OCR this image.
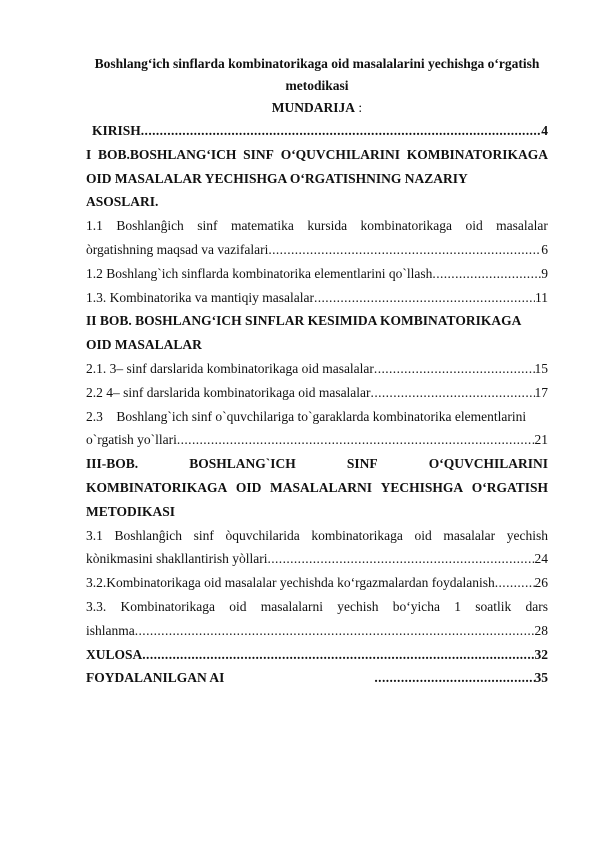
Boshlang‘ich sinflarda kombinatorikaga oid masalalarini yechishga o‘rgatish
metodikasi
MUNDARIJA :
KIRISH .....	4
I BOB.BOSHLANG‘ICH SINF O‘QUVCHILARINI KOMBINATORIKAGA
OID MASALALAR YECHISHGA O‘RGATISHNING NAZARIY
ASOSLARI.
1.1 Boshlanĝich sinf matematika kursida kombinatorikaga oid masalalar
òrgatishning maqsad va vazifalari .....	6
1.2 Boshlang`ich sinflarda kombinatorika elementlarini qo`llash .....	9
1.3. Kombinatorika va mantiqiy masalalar .....	11
II BOB. BOSHLANG‘ICH SINFLAR KESIMIDA KOMBINATORIKAGA
OID MASALALAR
2.1. 3– sinf darslarida kombinatorikaga oid masalalar .....	15
2.2 4– sinf darslarida kombinatorikaga oid masalalar .....	17
2.3    Boshlang`ich sinf o`quvchilariga to`garaklarda kombinatorika elementlarini
o`rgatish yo`llari .....	21
III-BOB.	BOSHLANG`ICH	SINF	O‘QUVCHILARINI
KOMBINATORIKAGA OID MASALALARNI YECHISHGA O‘RGATISH
METODIKASI
3.1 Boshlanĝich sinf òquvchilarida kombinatorikaga oid masalalar yechish
kònikmasini shakllantirish yòllari .....	24
3.2.Kombinatorikaga oid masalalar yechishda ko‘rgazmalardan foydalanish .....	26
3.3. Kombinatorikaga oid masalalarni yechish bo‘yicha 1 soatlik dars
ishlanma .....	28
XULOSA .....	32
FOYDALANILGAN AI .....	35
